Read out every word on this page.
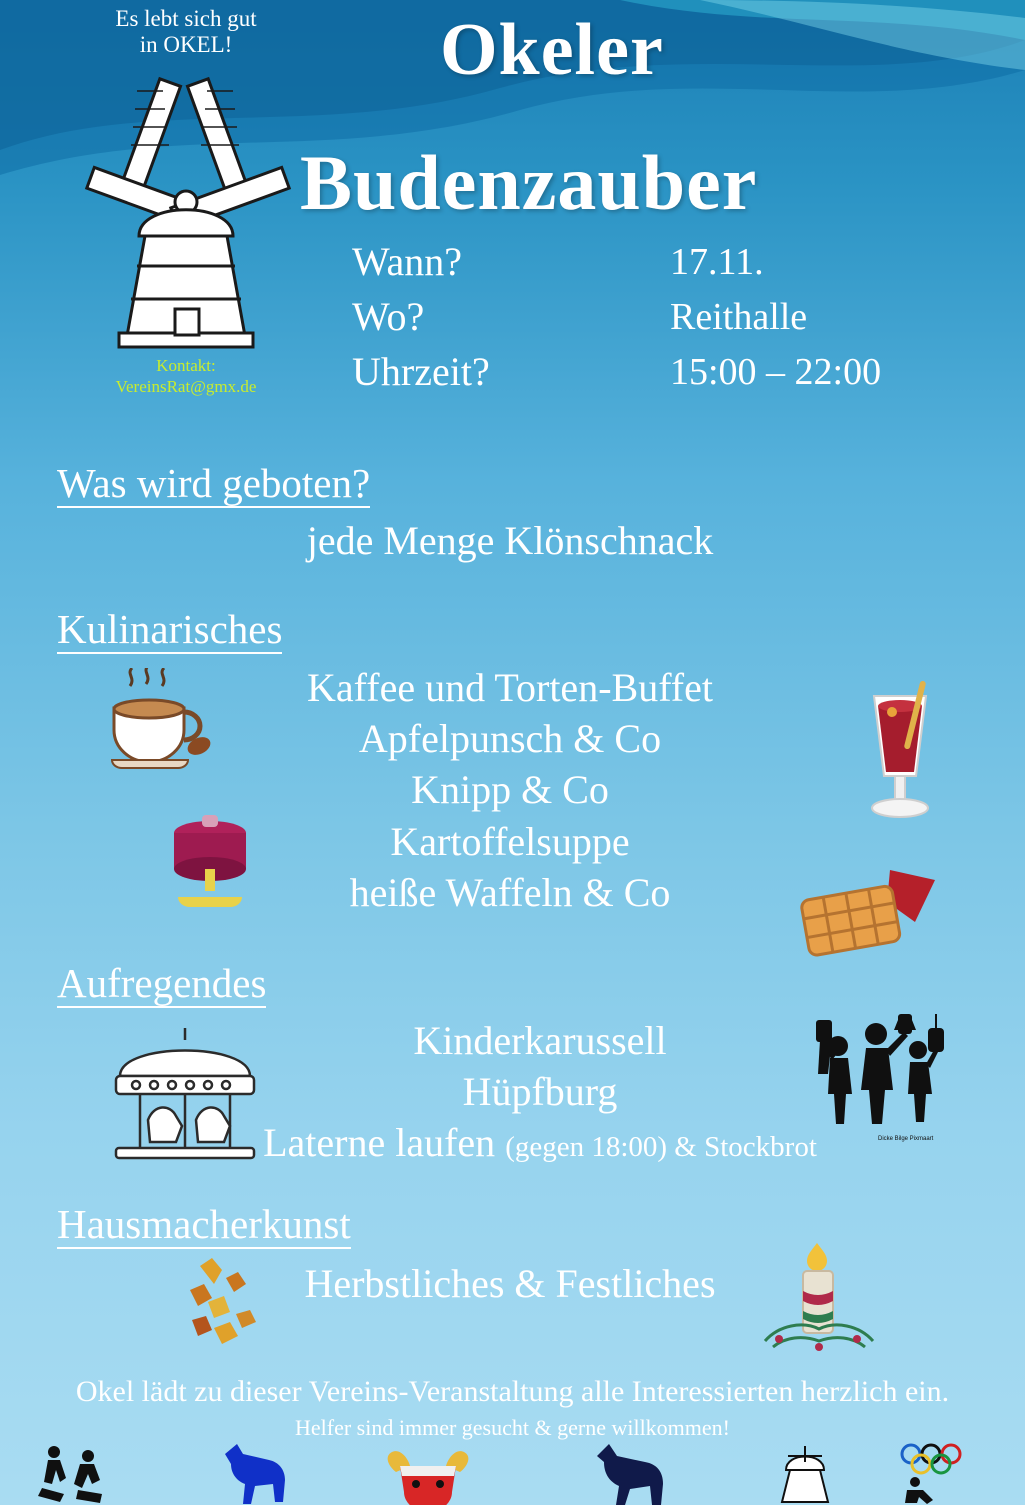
Es lebt sich gut
in OKEL!
Kontakt:
VereinsRat@gmx.de
Okeler
Budenzauber
Wann?	17.11.
Wo?	Reithalle
Uhrzeit?	15:00 – 22:00
Was wird geboten?
jede Menge Klönschnack
Kulinarisches
Kaffee und Torten-Buffet
Apfelpunsch & Co
Knipp & Co
Kartoffelsuppe
heiße Waffeln & Co
Aufregendes
Kinderkarussell
Hüpfburg
Laterne laufen (gegen 18:00) & Stockbrot	Dicke Bilge Pixmaart
Hausmacherkunst
Herbstliches & Festliches
Okel lädt zu dieser Vereins-Veranstaltung alle Interessierten herzlich ein.
Helfer sind immer gesucht & gerne willkommen!
